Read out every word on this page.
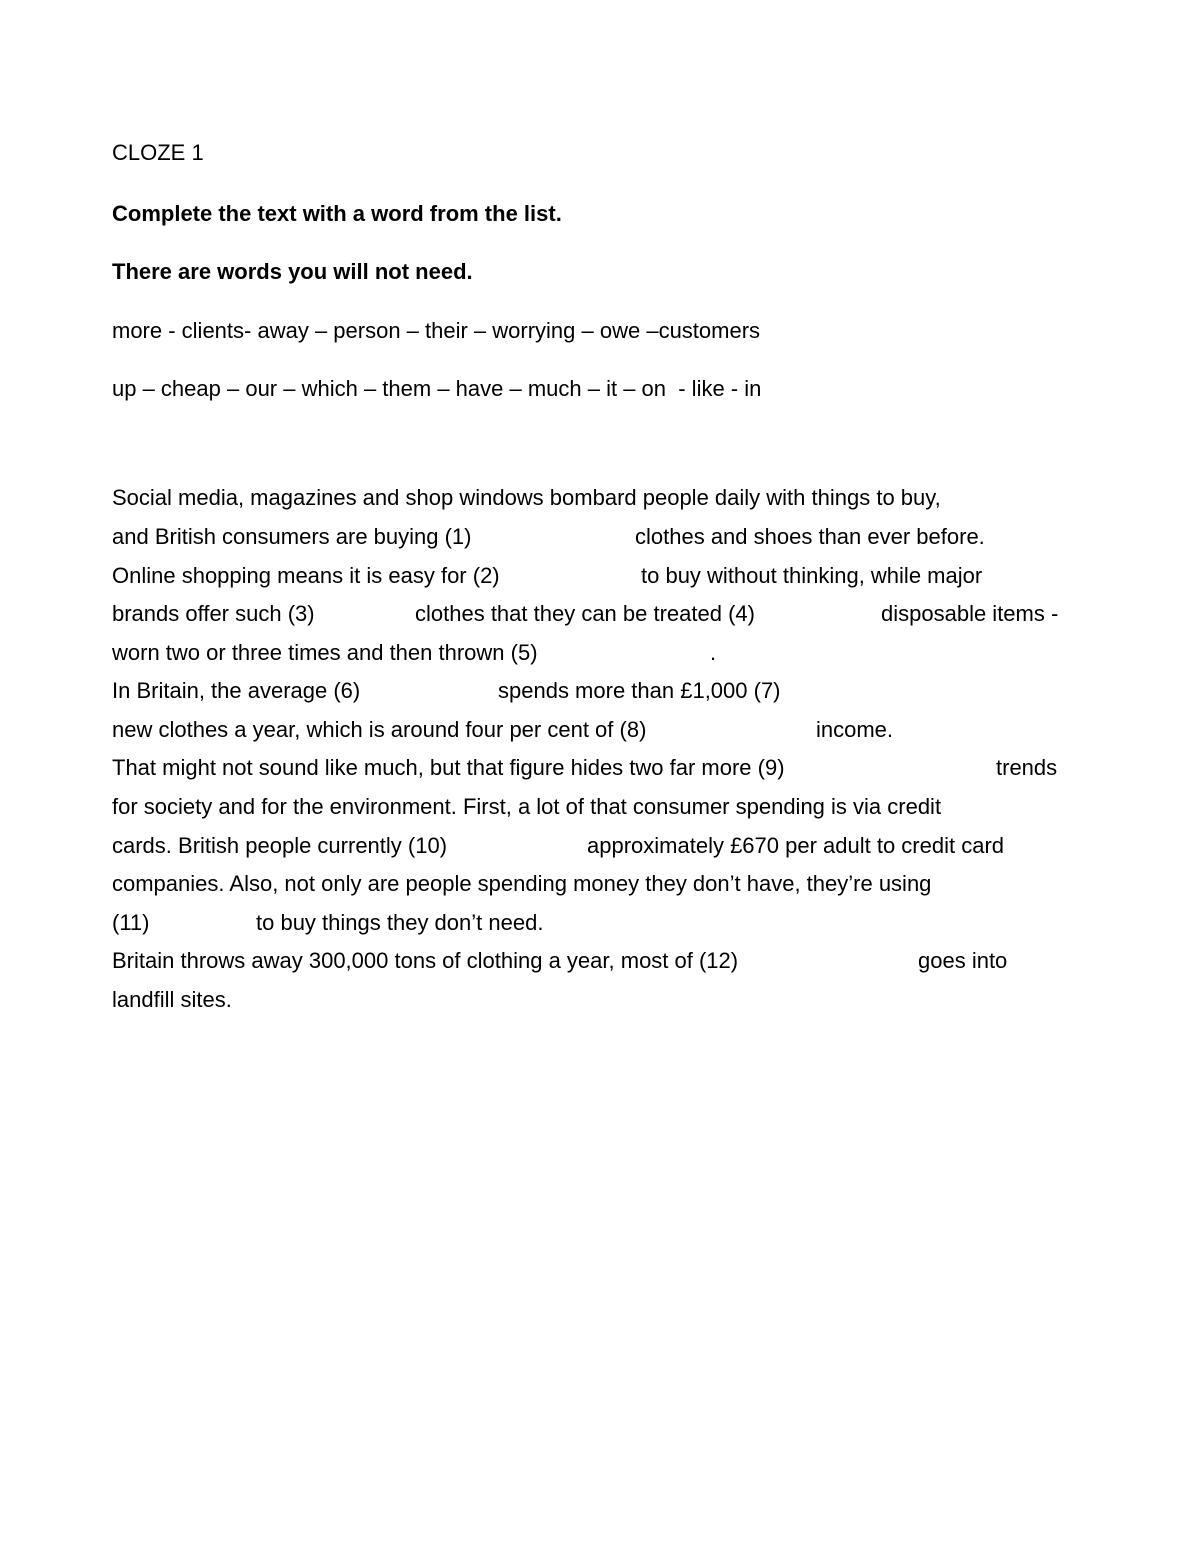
CLOZE 1
Complete the text with a word from the list.
There are words you will not need.
more - clients- away – person – their – worrying – owe –customers
up – cheap – our – which – them – have – much – it – on  - like - in
Social media, magazines and shop windows bombard people daily with things to buy,
and British consumers are buying (1)	clothes and shoes than ever before.
Online shopping means it is easy for (2)	to buy without thinking, while major
brands offer such (3)	clothes that they can be treated (4)	disposable items -
worn two or three times and then thrown (5)	.
In Britain, the average (6)	spends more than £1,000 (7)
new clothes a year, which is around four per cent of (8)	income.
That might not sound like much, but that figure hides two far more (9)	trends
for society and for the environment. First, a lot of that consumer spending is via credit
cards. British people currently (10)	approximately £670 per adult to credit card
companies. Also, not only are people spending money they don’t have, they’re using
(11)	to buy things they don’t need.
Britain throws away 300,000 tons of clothing a year, most of (12)	goes into
landfill sites.
